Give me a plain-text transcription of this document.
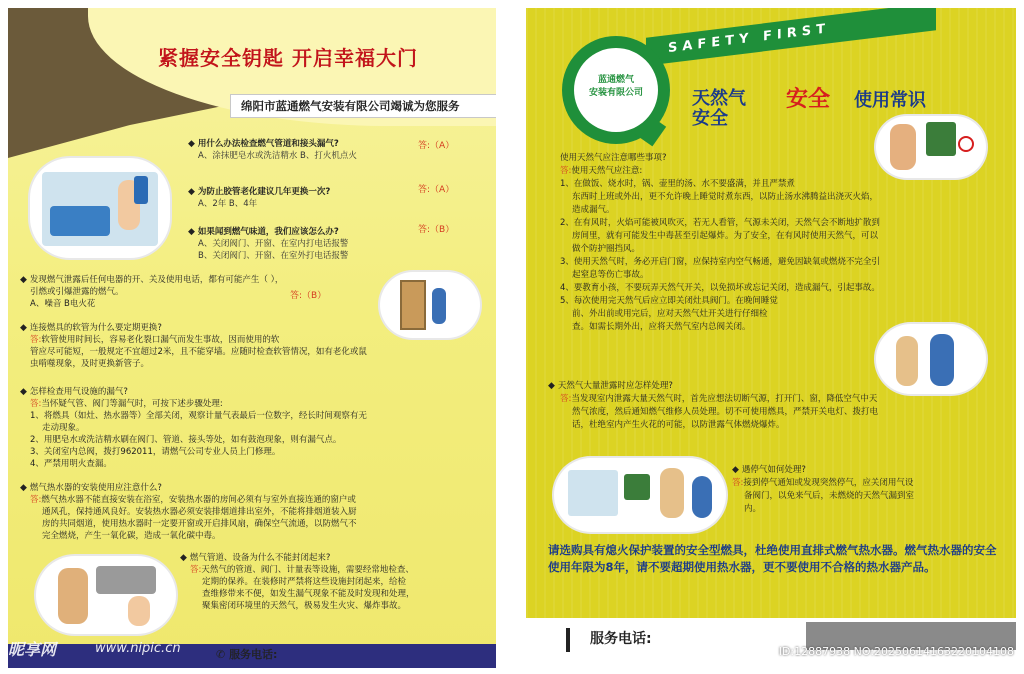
紧握安全钥匙 开启幸福大门
绵阳市蓝通燃气安装有限公司竭诚为您服务
◆ 用什么办法检查燃气管道和接头漏气?
A、涂抹肥皂水或洗洁精水 B、打火机点火
答:（A）
◆ 为防止胶管老化建议几年更换一次?
A、2年 B、4年
答:（A）
◆ 如果闻到燃气味道，我们应该怎么办?
A、关闭阀门、开窗、在室内打电话报警
B、关闭阀门、开窗、在室外打电话报警
答:（B）
◆ 发现燃气泄露后任何电器的开、关及使用电话，都有可能产生（ ），
引燃或引爆泄露的燃气。
A、噪音 B电火花
答:（B）
◆ 连接燃具的软管为什么要定期更换?
答:软管使用时间长，容易老化裂口漏气而发生事故，因而使用的软
管应尽可能短，一般规定不宜超过2米，且不能穿墙。应随时检查软管情况，如有老化或鼠
虫啃噬现象，及时更换新管子。
◆ 怎样检查用气设施的漏气?
答:当怀疑气管、阀门等漏气时，可按下述步骤处理:
1、将燃具（如灶、热水器等）全部关闭，观察计量气表最后一位数字，经长时间观察有无
走动现象。
2、用肥皂水或洗洁精水刷在阀门、管道、接头等处，如有鼓泡现象，则有漏气点。
3、关闭室内总阀，拨打962011，请燃气公司专业人员上门修理。
4、严禁用明火查漏。
◆ 燃气热水器的安装使用应注意什么?
答:燃气热水器不能直接安装在浴室，安装热水器的房间必须有与室外直接连通的窗户或
通风孔，保持通风良好。安装热水器必须安装排烟道排出室外，不能将排烟道装入厨
房的共同烟道，使用热水器时一定要开窗或开启排风扇，确保空气流通，以防燃气不
完全燃烧，产生一氧化碳，造成一氧化碳中毒。
◆ 燃气管道、设备为什么不能封闭起来?
答:天然气的管道、阀门、计量表等设施，需要经常地检查、
定期的保养。在装修时严禁将这些设施封闭起来，给检
查维修带来不便，如发生漏气现象不能及时发现和处理，
聚集密闭环境里的天然气，极易发生火灾、爆炸事故。
✆ 服务电话:
SAFETY FIRST
蓝通燃气
安装有限公司	天然气
安全
安全 使用常识
使用天然气应注意哪些事项?
答:使用天然气应注意:
1、在做饭、烧水时，锅、壶里的汤、水不要盛满，并且严禁煮
东西时上班或外出，更不允许晚上睡觉时煮东西，以防止汤水沸腾益出浇灭火焰，
造成漏气。
2、在有风时，火焰可能被风吹灭，若无人看管，气源未关闭，天然气会不断地扩散到
房间里，就有可能发生中毒甚至引起爆炸。为了安全，在有风时使用天然气，可以
做个防护圈挡风。
3、使用天然气时，务必开启门窗，应保持室内空气畅通，避免因缺氧或燃烧不完全引
起窒息等伤亡事故。
4、要教育小孩，不要玩弄天然气开关，以免损坏或忘记关闭，造成漏气，引起事故。
5、每次使用完天然气后应立即关闭灶具阀门。在晚间睡觉
前、外出前或用完后，应对天然气灶开关进行仔细检
查。如需长期外出，应将天然气室内总阀关闭。
◆ 天然气大量泄露时应怎样处理?
答:当发现室内泄露大量天然气时，首先应想法切断气源，打开门、窗，降低空气中天
然气浓度，然后通知燃气维修人员处理。切不可使用燃具，严禁开关电灯、拨打电
话，杜绝室内产生火花的可能，以防泄露气体燃烧爆炸。
◆ 遇停气如何处理?
答:接到停气通知或发现突然停气，应关闭用气设
备阀门，以免来气后，未燃烧的天然气漏到室
内。
请选购具有熄火保护装置的安全型燃具，杜绝使用直排式燃气热水器。燃气热水器的安全使用年限为8年，请不要超期使用热水器，更不要使用不合格的热水器产品。
服务电话:
昵享网	www.nipic.cn	ID:12887938 NO:20250614163220104108
